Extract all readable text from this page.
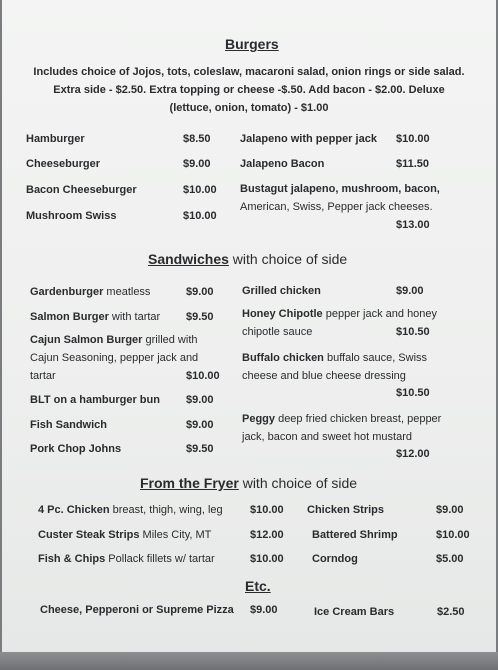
Burgers
Includes choice of Jojos, tots, coleslaw, macaroni salad, onion rings or side salad.
Extra side - $2.50. Extra topping or cheese -$.50. Add bacon - $2.00. Deluxe
(lettuce, onion, tomato) - $1.00
Hamburger	$8.50
Cheeseburger	$9.00
Bacon Cheeseburger	$10.00
Mushroom Swiss	$10.00
Jalapeno with pepper jack $10.00
Jalapeno Bacon	$11.50
Bustagut jalapeno, mushroom, bacon,
American, Swiss, Pepper jack cheeses.
$13.00
Sandwiches with choice of side
Gardenburger meatless	$9.00
Salmon Burger with tartar $9.50
Cajun Salmon Burger grilled with
Cajun Seasoning, pepper jack and
tartar	$10.00
BLT on a hamburger bun $9.00
Fish Sandwich	$9.00
Pork Chop Johns	$9.50
Grilled chicken	$9.00
Honey Chipotle pepper jack and honey
chipotle sauce	$10.50
Buffalo chicken buffalo sauce, Swiss
cheese and blue cheese dressing
$10.50
Peggy deep fried chicken breast, pepper
jack, bacon and sweet hot mustard
$12.00
From the Fryer with choice of side
4 Pc. Chicken breast, thigh, wing, leg $10.00
Custer Steak Strips Miles City, MT	$12.00
Fish & Chips Pollack fillets w/ tartar	$10.00
Chicken Strips	$9.00
Battered Shrimp	$10.00
Corndog	$5.00
Etc.
Cheese, Pepperoni or Supreme Pizza $9.00	Ice Cream Bars	$2.50
